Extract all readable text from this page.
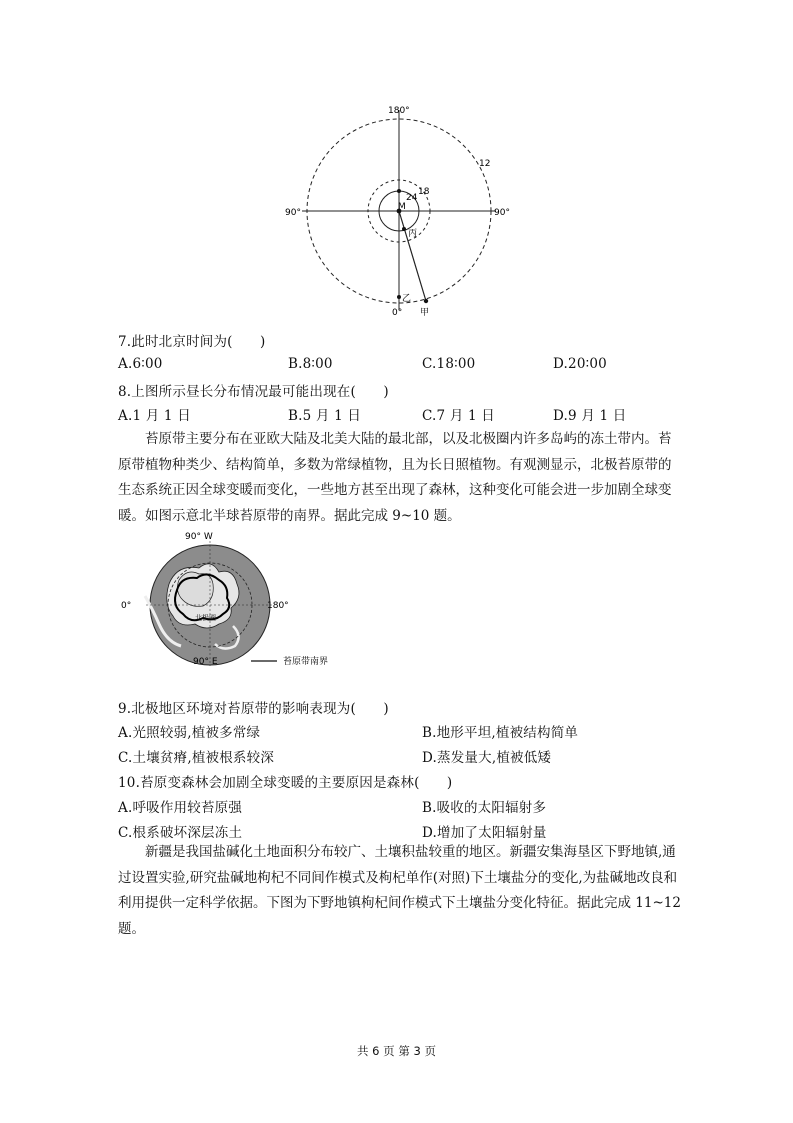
180°
90°	90°
0°
12
18
24
M
丙
乙
甲
7.此时北京时间为(　　)
A.6∶00	B.8∶00	C.18∶00	D.20∶00
8.上图所示昼长分布情况最可能出现在(　　)
A.1 月 1 日	B.5 月 1 日	C.7 月 1 日	D.9 月 1 日
苔原带主要分布在亚欧大陆及北美大陆的最北部，以及北极圈内许多岛屿的冻土带内。苔原带植物种类少、结构简单，多数为常绿植物，且为长日照植物。有观测显示，北极苔原带的生态系统正因全球变暖而变化，一些地方甚至出现了森林，这种变化可能会进一步加剧全球变暖。如图示意北半球苔原带的南界。据此完成 9~10 题。
90° W
0°	180°
90° E
北极圈
苔原带南界
9.北极地区环境对苔原带的影响表现为(　　)
A.光照较弱,植被多常绿	B.地形平坦,植被结构简单
C.土壤贫瘠,植被根系较深	D.蒸发量大,植被低矮
10.苔原变森林会加剧全球变暖的主要原因是森林(　　)
A.呼吸作用较苔原强	B.吸收的太阳辐射多
C.根系破坏深层冻土	D.增加了太阳辐射量
新疆是我国盐碱化土地面积分布较广、土壤积盐较重的地区。新疆安集海垦区下野地镇,通过设置实验,研究盐碱地枸杞不同间作模式及枸杞单作(对照)下土壤盐分的变化,为盐碱地改良和利用提供一定科学依据。下图为下野地镇枸杞间作模式下土壤盐分变化特征。据此完成 11~12 题。
共 6 页 第 3 页
